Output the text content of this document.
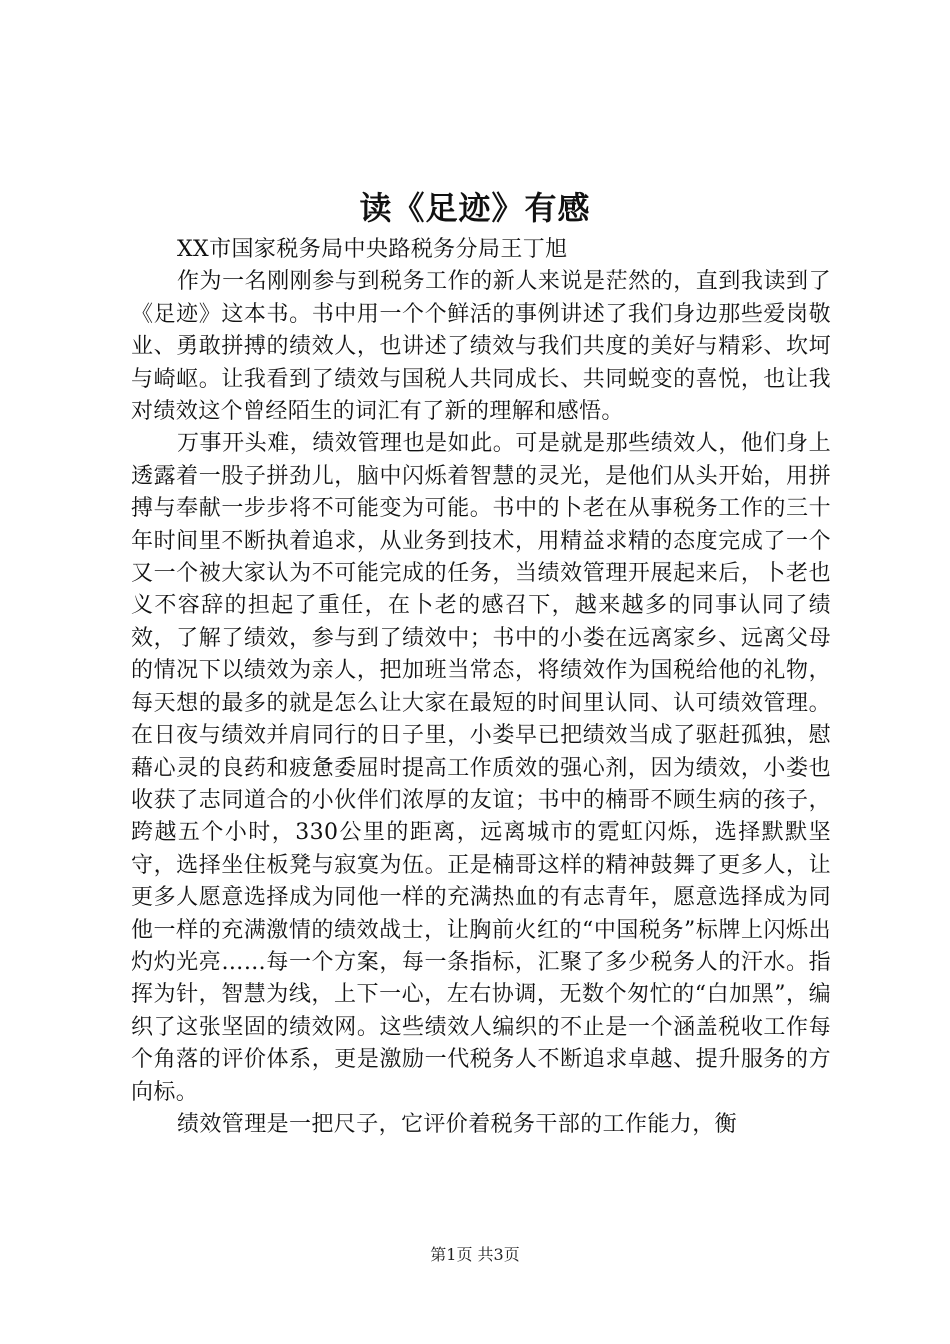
读《足迹》有感

XX市国家税务局中央路税务分局王丁旭

作为一名刚刚参与到税务工作的新人来说是茫然的，直到我读到了《足迹》这本书。书中用一个个鲜活的事例讲述了我们身边那些爱岗敬业、勇敢拼搏的绩效人，也讲述了绩效与我们共度的美好与精彩、坎坷与崎岖。让我看到了绩效与国税人共同成长、共同蜕变的喜悦，也让我对绩效这个曾经陌生的词汇有了新的理解和感悟。

万事开头难，绩效管理也是如此。可是就是那些绩效人，他们身上透露着一股子拼劲儿，脑中闪烁着智慧的灵光，是他们从头开始，用拼搏与奉献一步步将不可能变为可能。书中的卜老在从事税务工作的三十年时间里不断执着追求，从业务到技术，用精益求精的态度完成了一个又一个被大家认为不可能完成的任务，当绩效管理开展起来后，卜老也义不容辞的担起了重任，在卜老的感召下，越来越多的同事认同了绩效，了解了绩效，参与到了绩效中；书中的小娄在远离家乡、远离父母的情况下以绩效为亲人，把加班当常态，将绩效作为国税给他的礼物，每天想的最多的就是怎么让大家在最短的时间里认同、认可绩效管理。在日夜与绩效并肩同行的日子里，小娄早已把绩效当成了驱赶孤独，慰藉心灵的良药和疲惫委屈时提高工作质效的强心剂，因为绩效，小娄也收获了志同道合的小伙伴们浓厚的友谊；书中的楠哥不顾生病的孩子，跨越五个小时，330公里的距离，远离城市的霓虹闪烁，选择默默坚守，选择坐住板凳与寂寞为伍。正是楠哥这样的精神鼓舞了更多人，让更多人愿意选择成为同他一样的充满热血的有志青年，愿意选择成为同他一样的充满激情的绩效战士，让胸前火红的“中国税务”标牌上闪烁出灼灼光亮……每一个方案，每一条指标，汇聚了多少税务人的汗水。指挥为针，智慧为线，上下一心，左右协调，无数个匆忙的“白加黑”，编织了这张坚固的绩效网。这些绩效人编织的不止是一个涵盖税收工作每个角落的评价体系，更是激励一代税务人不断追求卓越、提升服务的方向标。

绩效管理是一把尺子，它评价着税务干部的工作能力，衡

第1页 共3页
